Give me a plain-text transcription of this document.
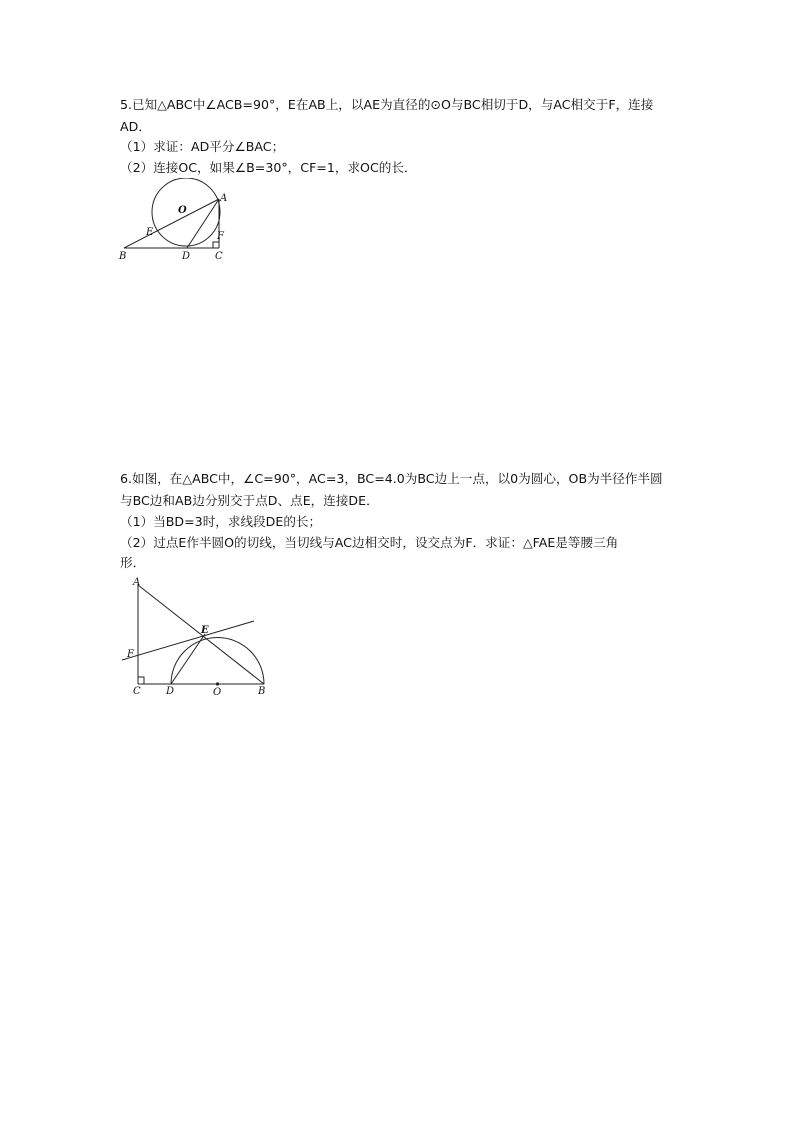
5.已知△ABC中∠ACB=90°，E在AB上，以AE为直径的⊙O与BC相切于D，与AC相交于F，连接
AD．
（1）求证：AD平分∠BAC；
（2）连接OC，如果∠B=30°，CF=1，求OC的长．
A
O
E	F
B	D C
6.如图，在△ABC中，∠C=90°，AC=3，BC=4.0为BC边上一点，以0为圆心，OB为半径作半圆
与BC边和AB边分别交于点D、点E，连接DE．
（1）当BD=3时，求线段DE的长；
（2）过点E作半圆O的切线，当切线与AC边相交时，设交点为F．求证：△FAE是等腰三角
形．
A
E
F
C	D	O	B
